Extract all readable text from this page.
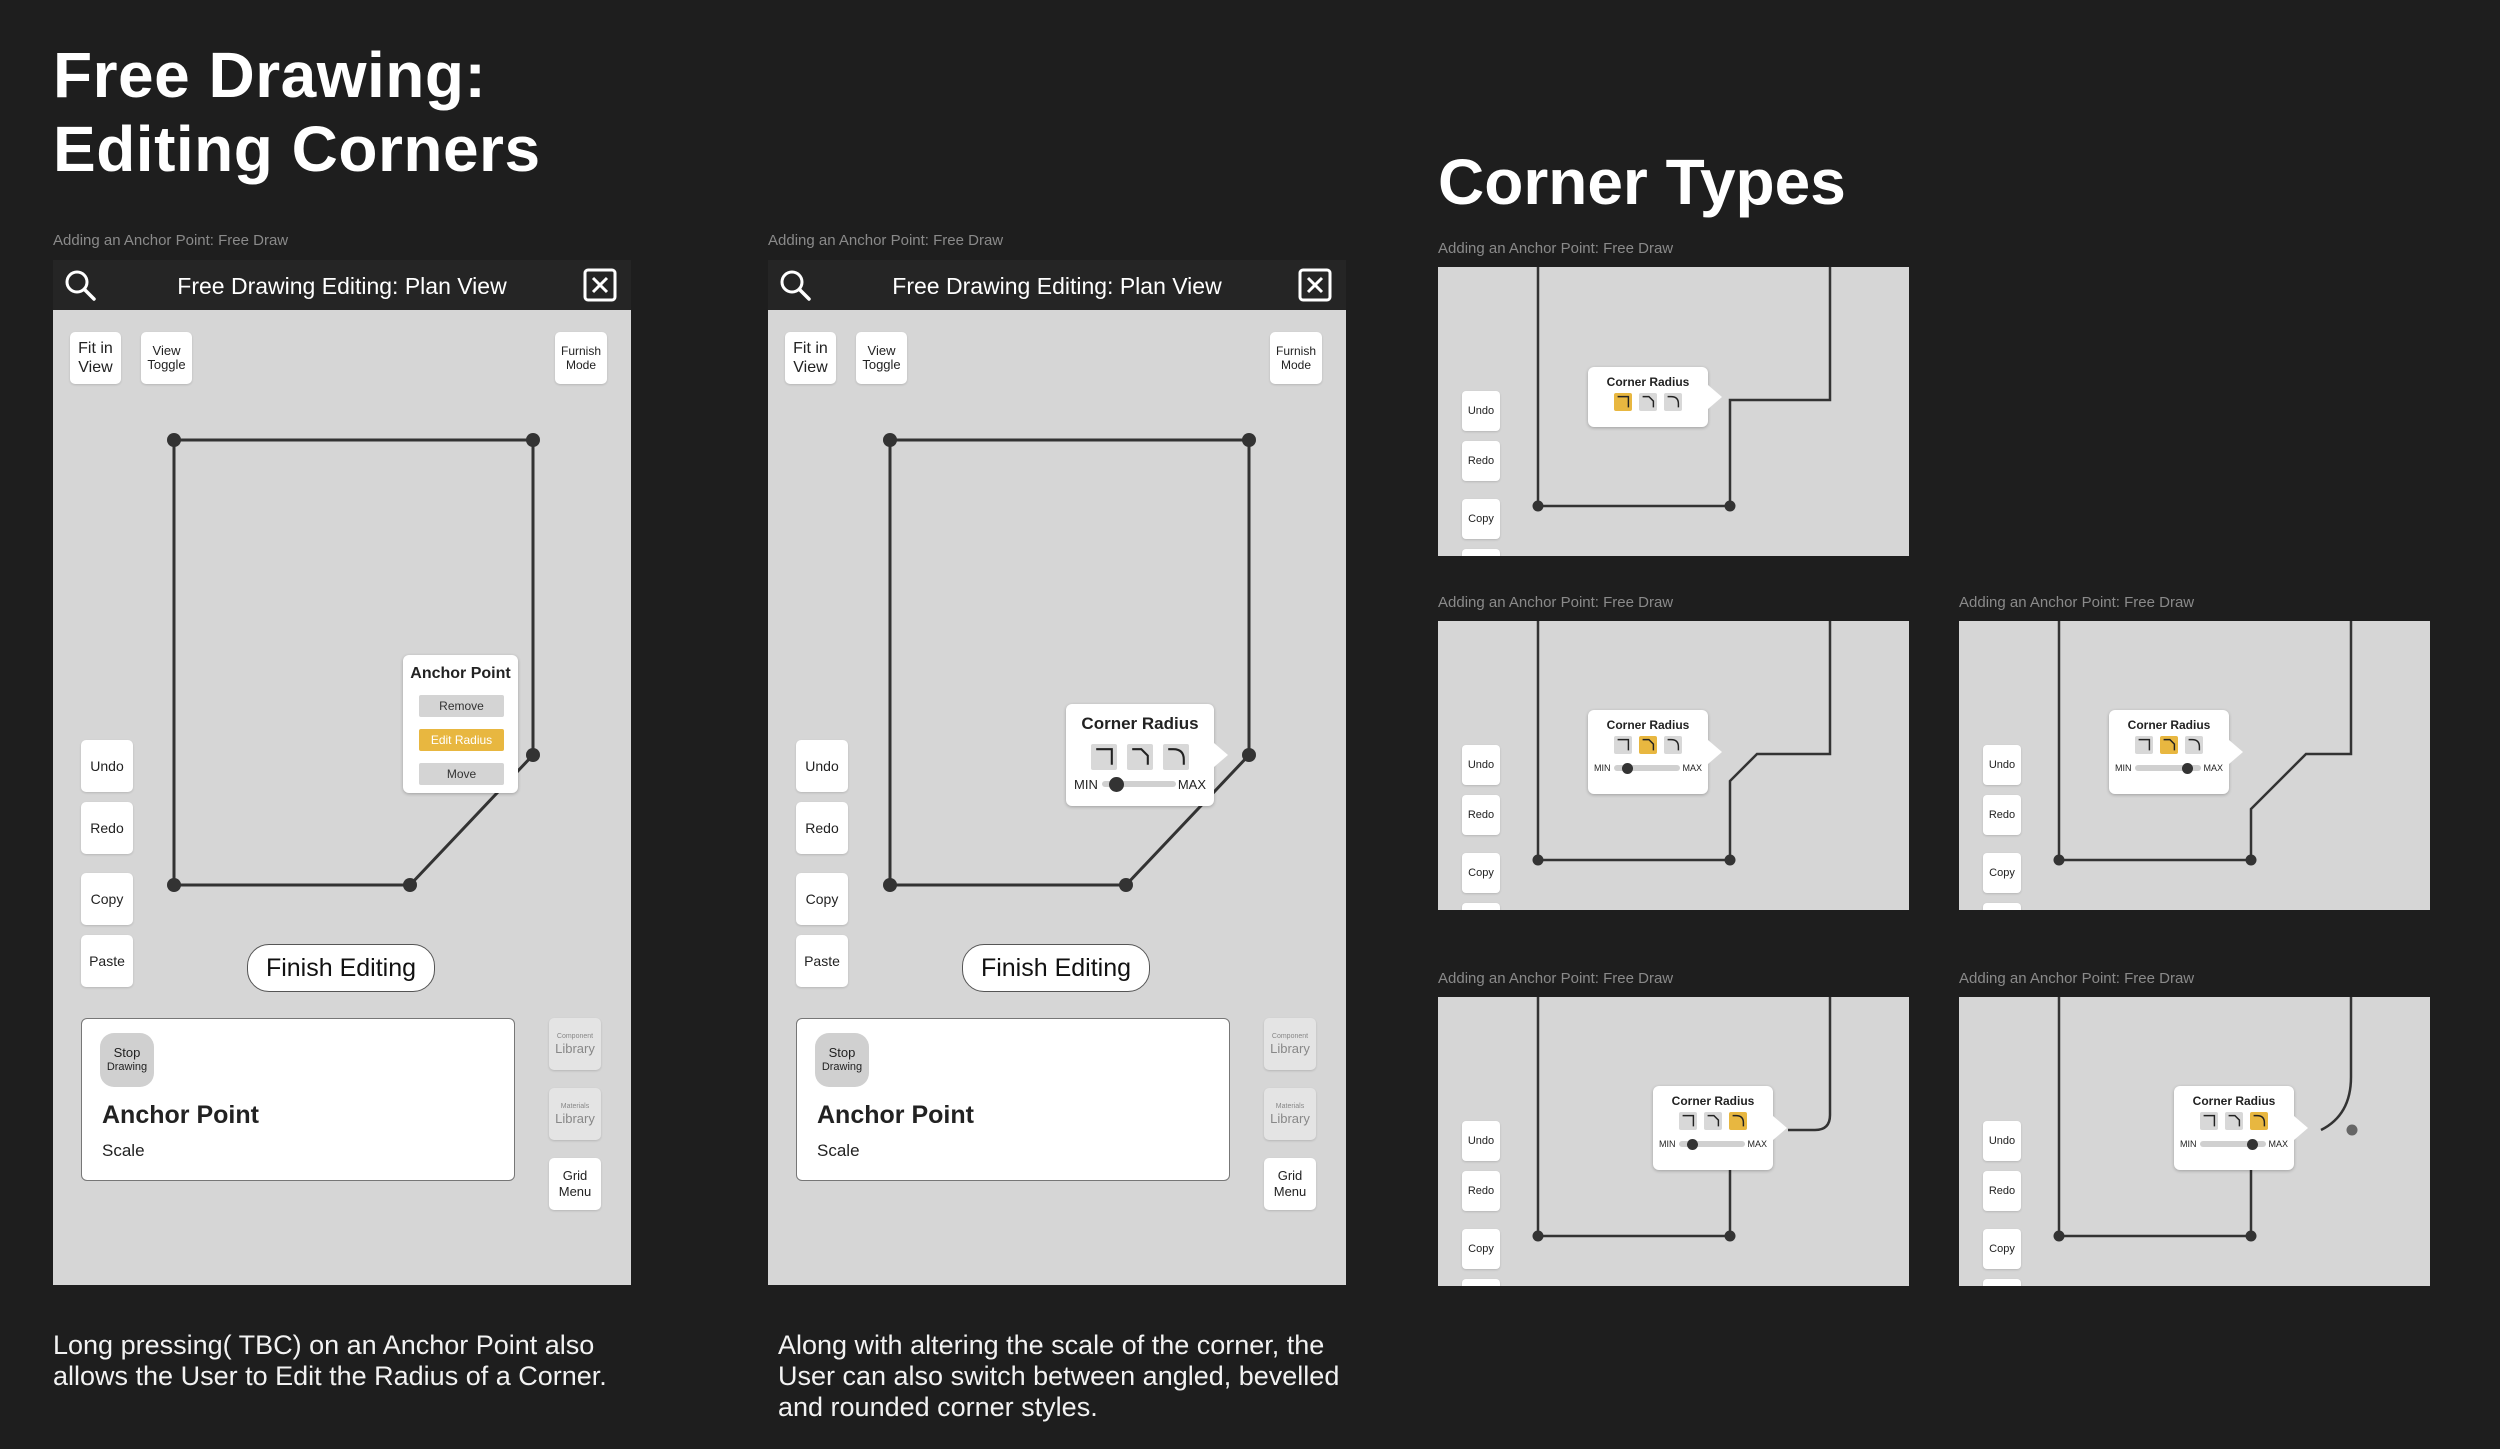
Free Drawing:
Editing Corners	Corner Types
Adding an Anchor Point: Free Draw	Adding an Anchor Point: Free Draw	Adding an Anchor Point: Free Draw
Adding an Anchor Point: Free Draw	Adding an Anchor Point: Free Draw
Adding an Anchor Point: Free Draw	Adding an Anchor Point: Free Draw
Free Drawing Editing: Plan View
Fit in
View
View
Toggle
Furnish
Mode
Undo
Redo
Copy
Paste
Anchor Point
Remove
Edit Radius
Move
Finish Editing
Stop
Drawing
Anchor Point
Scale
Component
Library
Materials
Library
Grid
Menu
Free Drawing Editing: Plan View
Fit in
View
View
Toggle
Furnish
Mode
Undo
Redo
Copy
Paste
Corner Radius
MIN	MAX
Finish Editing
Stop
Drawing
Anchor Point
Scale
Component
Library
Materials
Library
Grid
Menu
Undo
Redo
Copy
Corner Radius
Undo
Redo
Copy
Corner Radius
MIN	MAX	Undo
Redo
Copy
Corner Radius
MIN	MAX
Undo
Redo
Copy
Corner Radius
MIN	MAX	Undo
Redo
Copy
Corner Radius
MIN	MAX
Long pressing( TBC) on an Anchor Point also
allows the User to Edit the Radius of a Corner.
Along with altering the scale of the corner, the
User can also switch between angled, bevelled
and rounded corner styles.
